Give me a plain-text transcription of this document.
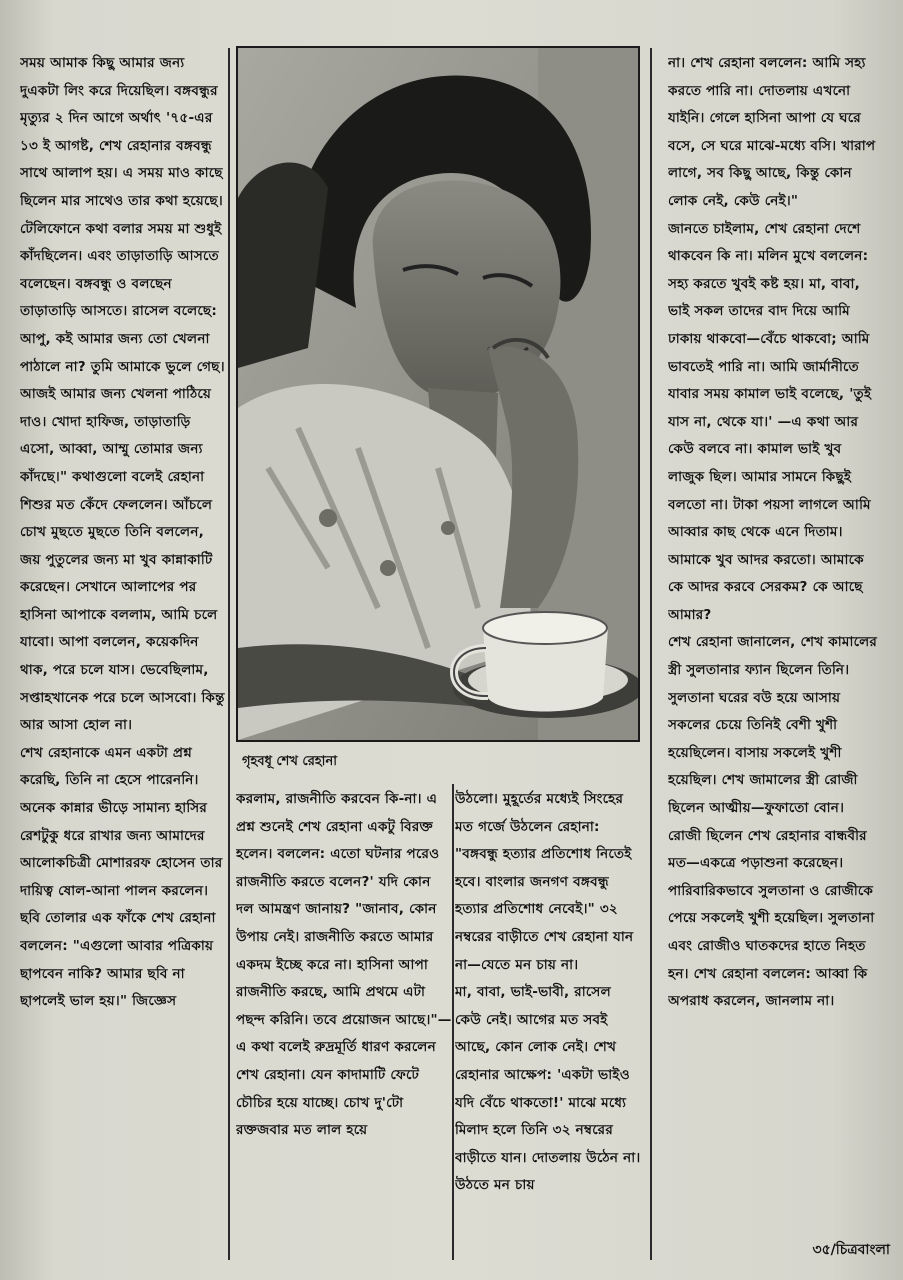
সময় আমাক কিছু আমার জন্য দুএকটা লিং করে দিয়েছিল। বঙ্গবন্ধুর মৃত্যুর ২ দিন আগে অর্থাৎ '৭৫-এর ১৩ ই আগষ্ট, শেখ রেহানার বঙ্গবন্ধু সাথে আলাপ হয়। এ সময় মাও কাছে ছিলেন মার সাথেও তার কথা হয়েছে। টেলিফোনে কথা বলার সময় মা শুধুই কাঁদছিলেন। এবং তাড়াতাড়ি আসতে বলেছেন। বঙ্গবন্ধু ও বলছেন তাড়াতাড়ি আসতে। রাসেল বলেছে: আপু, কই আমার জন্য তো খেলনা পাঠালে না? তুমি আমাকে ভুলে গেছ। আজই আমার জন্য খেলনা পাঠিয়ে দাও। খোদা হাফিজ, তাড়াতাড়ি এসো, আব্বা, আম্মু তোমার জন্য কাঁদছে।" কথাগুলো বলেই রেহানা শিশুর মত কেঁদে ফেললেন। আঁচলে চোখ মুছতে মুছতে তিনি বললেন, জয় পুতুলের জন্য মা খুব কান্নাকাটি করেছেন। সেখানে আলাপের পর হাসিনা আপাকে বললাম, আমি চলে যাবো। আপা বললেন, কয়েকদিন থাক, পরে চলে যাস। ভেবেছিলাম, সপ্তাহখানেক পরে চলে আসবো। কিন্তু আর আসা হোল না।
শেখ রেহানাকে এমন একটা প্রশ্ন করেছি, তিনি না হেসে পারেননি। অনেক কান্নার ভীড়ে সামান্য হাসির রেশটুকু ধরে রাখার জন্য আমাদের আলোকচিত্রী মোশাররফ হোসেন তার দায়িত্ব ষোল-আনা পালন করলেন। ছবি তোলার এক ফাঁকে শেখ রেহানা বললেন: "এগুলো আবার পত্রিকায় ছাপবেন নাকি? আমার ছবি না ছাপলেই ভাল হয়।" জিজ্ঞেস
গৃহবধূ শেখ রেহানা
করলাম, রাজনীতি করবেন কি-না। এ প্রশ্ন শুনেই শেখ রেহানা একটু বিরক্ত হলেন। বললেন: এতো ঘটনার পরেও রাজনীতি করতে বলেন?' যদি কোন দল আমন্ত্রণ জানায়? "জানাব, কোন উপায় নেই। রাজনীতি করতে আমার একদম ইচ্ছে করে না। হাসিনা আপা রাজনীতি করছে, আমি প্রথমে এটা পছন্দ করিনি। তবে প্রয়োজন আছে।"— এ কথা বলেই রুদ্রমূর্তি ধারণ করলেন শেখ রেহানা। যেন কাদামাটি ফেটে চৌচির হয়ে যাচ্ছে। চোখ দু'টো রক্তজবার মত লাল হয়ে
উঠলো। মুহূর্তের মধ্যেই সিংহের মত গর্জে উঠলেন রেহানা: "বঙ্গবন্ধু হত্যার প্রতিশোধ নিতেই হবে। বাংলার জনগণ বঙ্গবন্ধু হত্যার প্রতিশোধ নেবেই।" ৩২ নম্বরের বাড়ীতে শেখ রেহানা যান না—যেতে মন চায় না।
মা, বাবা, ভাই-ভাবী, রাসেল কেউ নেই। আগের মত সবই আছে, কোন লোক নেই। শেখ রেহানার আক্ষেপ: 'একটা ভাইও যদি বেঁচে থাকতো!' মাঝে মধ্যে মিলাদ হলে তিনি ৩২ নম্বরের বাড়ীতে যান। দোতলায় উঠেন না। উঠতে মন চায়
না। শেখ রেহানা বললেন: আমি সহ্য করতে পারি না। দোতলায় এখনো যাইনি। গেলে হাসিনা আপা যে ঘরে বসে, সে ঘরে মাঝে-মধ্যে বসি। খারাপ লাগে, সব কিছু আছে, কিন্তু কোন লোক নেই, কেউ নেই।"
জানতে চাইলাম, শেখ রেহানা দেশে থাকবেন কি না। মলিন মুখে বললেন: সহ্য করতে খুবই কষ্ট হয়। মা, বাবা, ভাই সকল তাদের বাদ দিয়ে আমি ঢাকায় থাকবো—বেঁচে থাকবো; আমি ভাবতেই পারি না। আমি জার্মানীতে যাবার সময় কামাল ভাই বলেছে, 'তুই যাস না, থেকে যা।' —এ কথা আর কেউ বলবে না। কামাল ভাই খুব লাজুক ছিল। আমার সামনে কিছুই বলতো না। টাকা পয়সা লাগলে আমি আব্বার কাছ থেকে এনে দিতাম। আমাকে খুব আদর করতো। আমাকে কে আদর করবে সেরকম? কে আছে আমার?
শেখ রেহানা জানালেন, শেখ কামালের স্ত্রী সুলতানার ফ্যান ছিলেন তিনি। সুলতানা ঘরের বউ হয়ে আসায় সকলের চেয়ে তিনিই বেশী খুশী হয়েছিলেন। বাসায় সকলেই খুশী হয়েছিল। শেখ জামালের স্ত্রী রোজী ছিলেন আত্মীয়—ফুফাতো বোন। রোজী ছিলেন শেখ রেহানার বান্ধবীর মত—একত্রে পড়াশুনা করেছেন। পারিবারিকভাবে সুলতানা ও রোজীকে পেয়ে সকলেই খুশী হয়েছিল। সুলতানা এবং রোজীও ঘাতকদের হাতে নিহত হন। শেখ রেহানা বললেন: আব্বা কি অপরাধ করলেন, জানলাম না।
৩৫/চিত্রবাংলা
